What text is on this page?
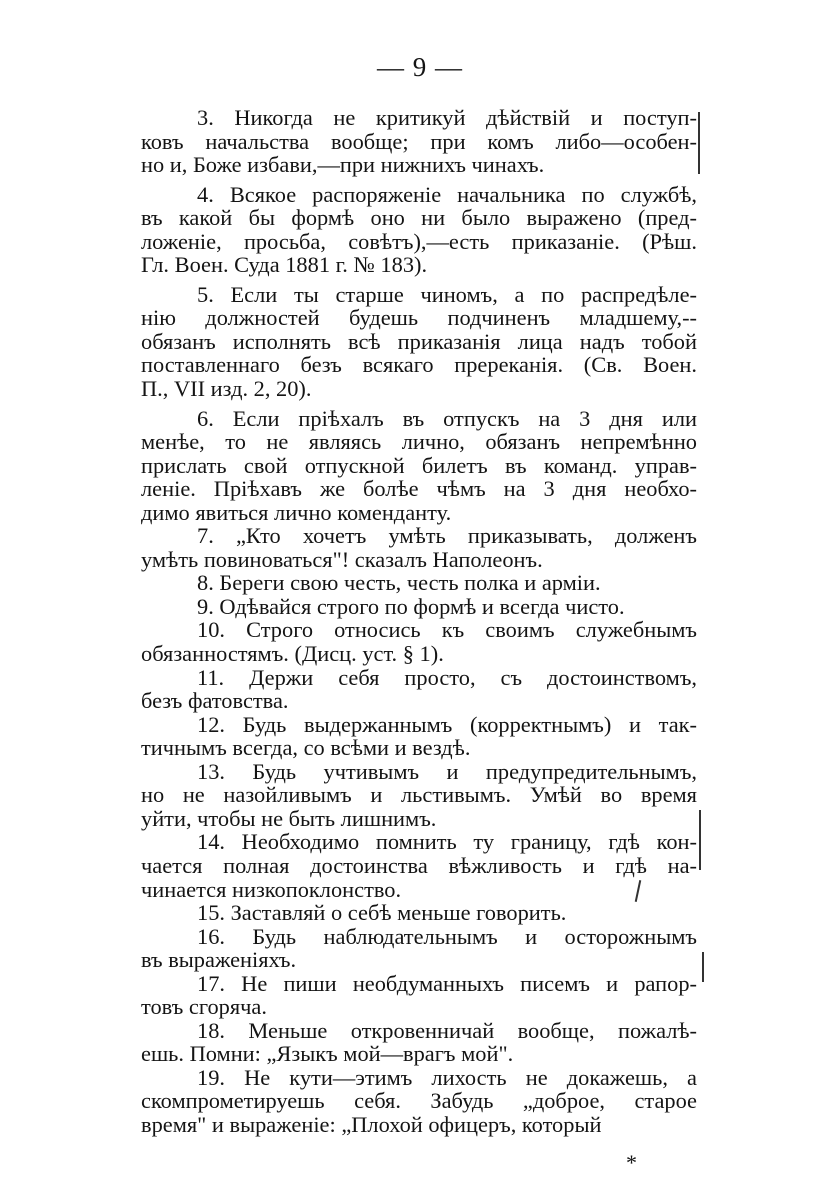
— 9 —
3. Никогда не критикуй дѣйствій и поступ-
ковъ начальства вообще; при комъ либо—особен-
но и, Боже избави,—при нижнихъ чинахъ.
4. Всякое распоряженіе начальника по службѣ,
въ какой бы формѣ оно ни было выражено (пред-
ложеніе, просьба, совѣтъ),—есть приказаніе. (Рѣш.
Гл. Воен. Суда 1881 г. № 183).
5. Если ты старше чиномъ, а по распредѣле-
нію должностей будешь подчиненъ младшему,--
обязанъ исполнять всѣ приказанія лица надъ тобой
поставленнаго безъ всякаго пререканія. (Св. Воен.
П., VII изд. 2, 20).
6. Если пріѣхалъ въ отпускъ на 3 дня или
менѣе, то не являясь лично, обязанъ непремѣнно
прислать свой отпускной билетъ въ команд. управ-
леніе. Пріѣхавъ же болѣе чѣмъ на 3 дня необхо-
димо явиться лично коменданту.
7. „Кто хочетъ умѣть приказывать, долженъ
умѣть повиноваться"! сказалъ Наполеонъ.
8. Береги свою честь, честь полка и арміи.
9. Одѣвайся строго по формѣ и всегда чисто.
10. Строго относись къ своимъ служебнымъ
обязанностямъ. (Дисц. уст. § 1).
11. Держи себя просто, съ достоинствомъ,
безъ фатовства.
12. Будь выдержаннымъ (корректнымъ) и так-
тичнымъ всегда, со всѣми и вездѣ.
13. Будь учтивымъ и предупредительнымъ,
но не назойливымъ и льстивымъ. Умѣй во время
уйти, чтобы не быть лишнимъ.
14. Необходимо помнить ту границу, гдѣ кон-
чается полная достоинства вѣжливость и гдѣ на-
чинается низкопоклонство.
15. Заставляй о себѣ меньше говорить.
16. Будь наблюдательнымъ и осторожнымъ
въ выраженіяхъ.
17. Не пиши необдуманныхъ писемъ и рапор-
товъ сгоряча.
18. Меньше откровенничай вообще, пожалѣ-
ешь. Помни: „Языкъ мой—врагъ мой".
19. Не кути—этимъ лихость не докажешь, а
скомпрометируешь себя. Забудь „доброе, старое
время" и выраженіе: „Плохой офицеръ, который
*
